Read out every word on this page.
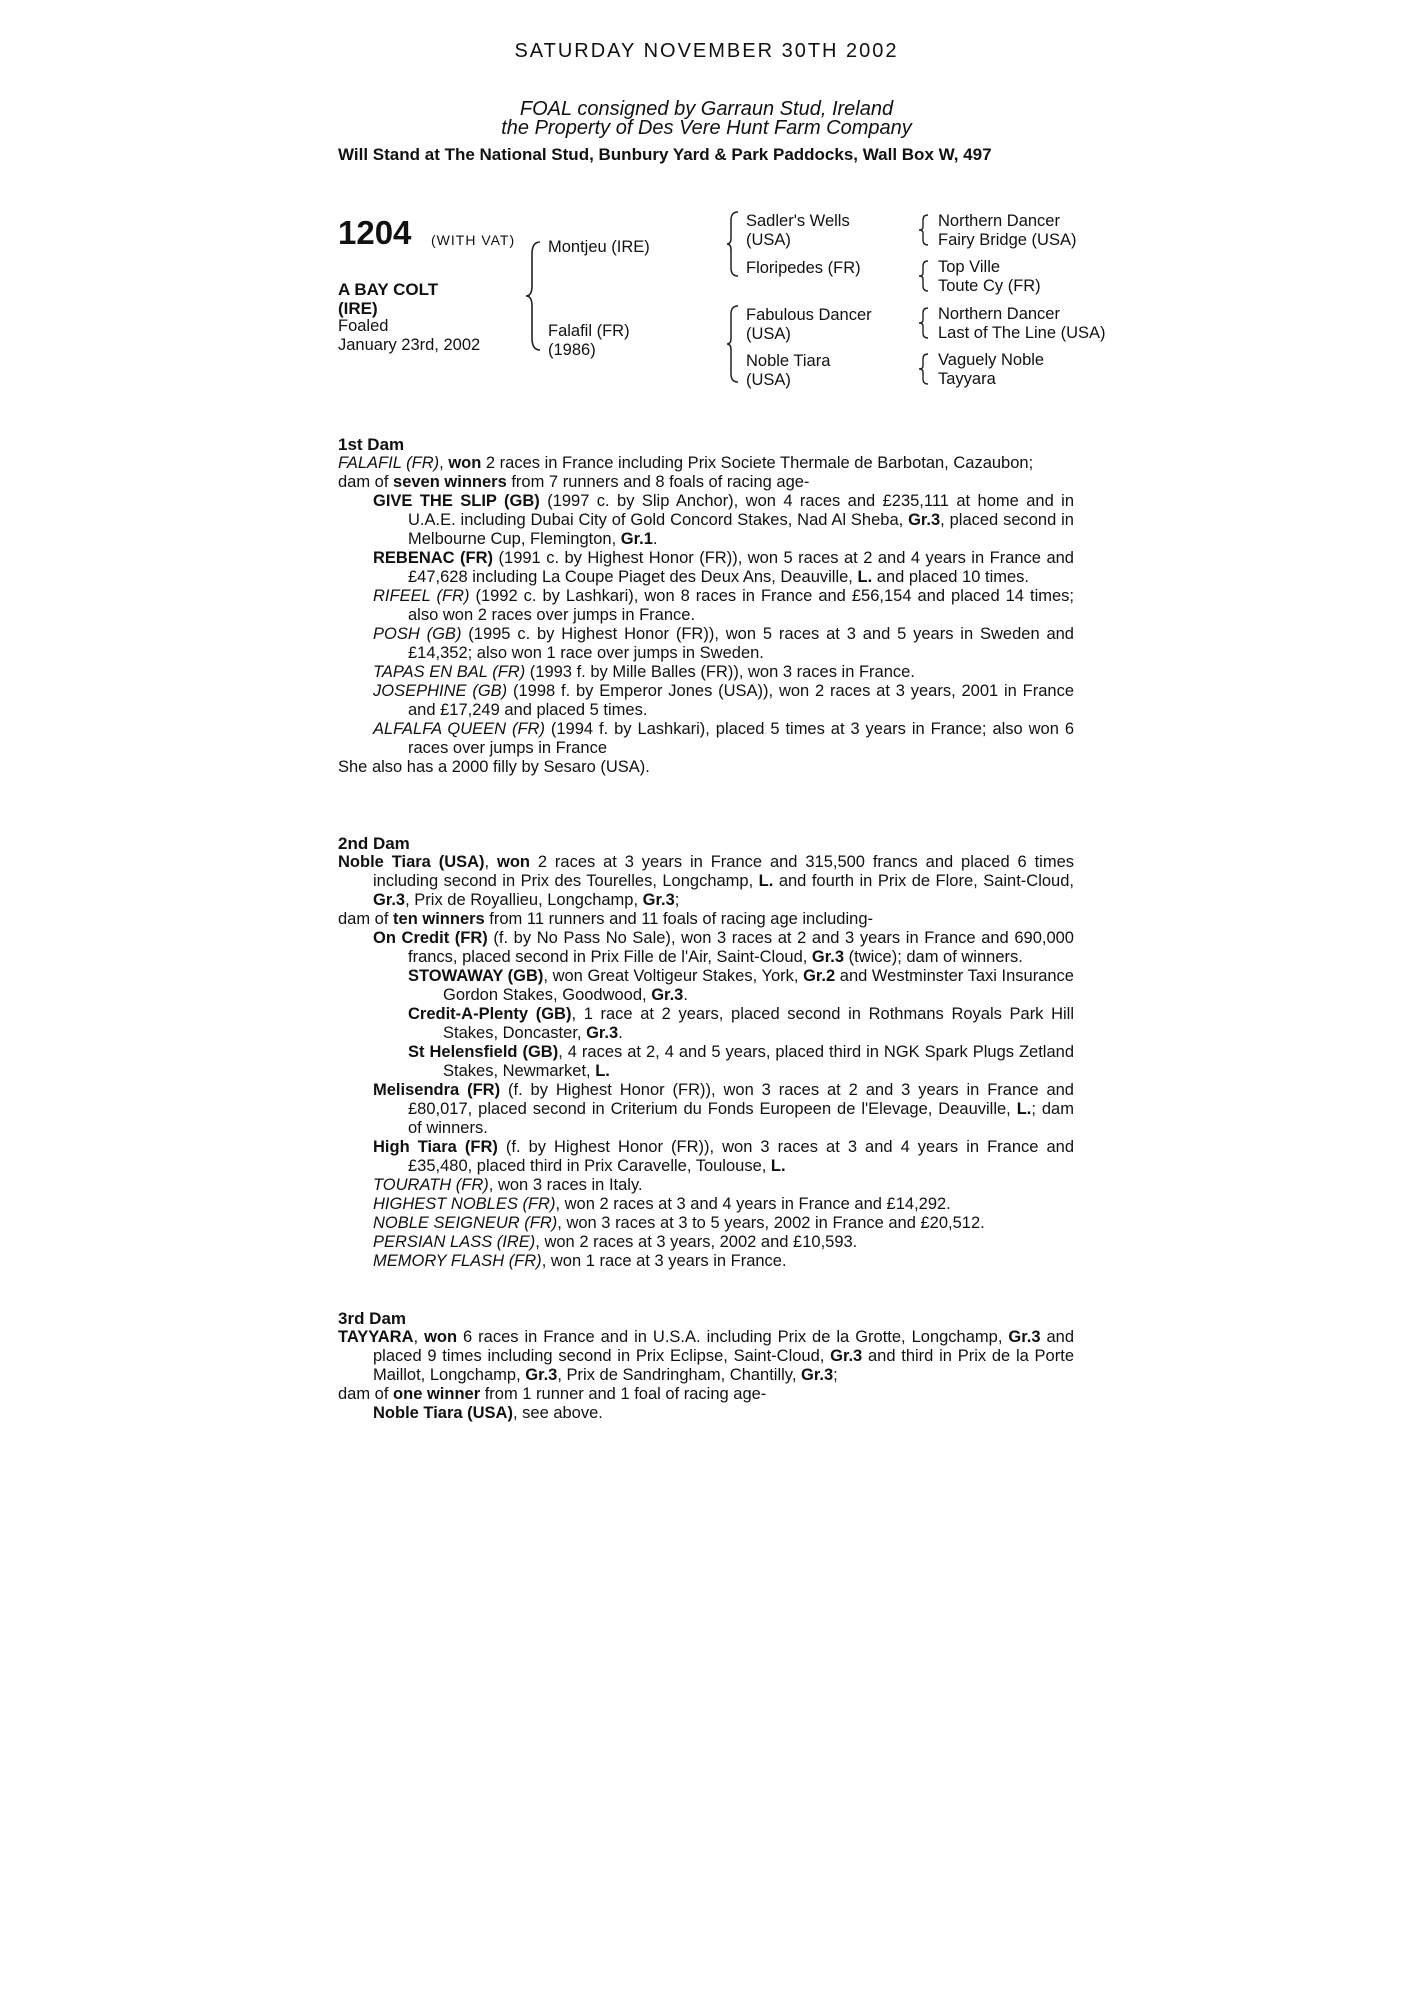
SATURDAY NOVEMBER 30TH 2002
FOAL consigned by Garraun Stud, Ireland
the Property of Des Vere Hunt Farm Company
Will Stand at The National Stud, Bunbury Yard & Park Paddocks, Wall Box W, 497
1204 (WITH VAT)
A BAY COLT
(IRE)
Foaled
January 23rd, 2002
Montjeu (IRE)
Falafil (FR)
(1986)
Sadler's Wells
(USA)
Floripedes (FR)
Fabulous Dancer
(USA)
Noble Tiara
(USA)
Northern Dancer
Fairy Bridge (USA)
Top Ville
Toute Cy (FR)
Northern Dancer
Last of The Line (USA)
Vaguely Noble
Tayyara

1st Dam

FALAFIL (FR), won 2 races in France including Prix Societe Thermale de Barbotan, Cazaubon;

dam of seven winners from 7 runners and 8 foals of racing age-

GIVE THE SLIP (GB) (1997 c. by Slip Anchor), won 4 races and £235,111 at home and in U.A.E. including Dubai City of Gold Concord Stakes, Nad Al Sheba, Gr.3, placed second in Melbourne Cup, Flemington, Gr.1.

REBENAC (FR) (1991 c. by Highest Honor (FR)), won 5 races at 2 and 4 years in France and £47,628 including La Coupe Piaget des Deux Ans, Deauville, L. and placed 10 times.

RIFEEL (FR) (1992 c. by Lashkari), won 8 races in France and £56,154 and placed 14 times; also won 2 races over jumps in France.

POSH (GB) (1995 c. by Highest Honor (FR)), won 5 races at 3 and 5 years in Sweden and £14,352; also won 1 race over jumps in Sweden.

TAPAS EN BAL (FR) (1993 f. by Mille Balles (FR)), won 3 races in France.

JOSEPHINE (GB) (1998 f. by Emperor Jones (USA)), won 2 races at 3 years, 2001 in France and £17,249 and placed 5 times.

ALFALFA QUEEN (FR) (1994 f. by Lashkari), placed 5 times at 3 years in France; also won 6 races over jumps in France

She also has a 2000 filly by Sesaro (USA).

2nd Dam

Noble Tiara (USA), won 2 races at 3 years in France and 315,500 francs and placed 6 times including second in Prix des Tourelles, Longchamp, L. and fourth in Prix de Flore, Saint-Cloud, Gr.3, Prix de Royallieu, Longchamp, Gr.3;

dam of ten winners from 11 runners and 11 foals of racing age including-

On Credit (FR) (f. by No Pass No Sale), won 3 races at 2 and 3 years in France and 690,000 francs, placed second in Prix Fille de l'Air, Saint-Cloud, Gr.3 (twice); dam of winners.

STOWAWAY (GB), won Great Voltigeur Stakes, York, Gr.2 and Westminster Taxi Insurance Gordon Stakes, Goodwood, Gr.3.

Credit-A-Plenty (GB), 1 race at 2 years, placed second in Rothmans Royals Park Hill Stakes, Doncaster, Gr.3.

St Helensfield (GB), 4 races at 2, 4 and 5 years, placed third in NGK Spark Plugs Zetland Stakes, Newmarket, L.

Melisendra (FR) (f. by Highest Honor (FR)), won 3 races at 2 and 3 years in France and £80,017, placed second in Criterium du Fonds Europeen de l'Elevage, Deauville, L.; dam of winners.

High Tiara (FR) (f. by Highest Honor (FR)), won 3 races at 3 and 4 years in France and £35,480, placed third in Prix Caravelle, Toulouse, L.

TOURATH (FR), won 3 races in Italy.

HIGHEST NOBLES (FR), won 2 races at 3 and 4 years in France and £14,292.

NOBLE SEIGNEUR (FR), won 3 races at 3 to 5 years, 2002 in France and £20,512.

PERSIAN LASS (IRE), won 2 races at 3 years, 2002 and £10,593.

MEMORY FLASH (FR), won 1 race at 3 years in France.

3rd Dam

TAYYARA, won 6 races in France and in U.S.A. including Prix de la Grotte, Longchamp, Gr.3 and placed 9 times including second in Prix Eclipse, Saint-Cloud, Gr.3 and third in Prix de la Porte Maillot, Longchamp, Gr.3, Prix de Sandringham, Chantilly, Gr.3;

dam of one winner from 1 runner and 1 foal of racing age-

Noble Tiara (USA), see above.
